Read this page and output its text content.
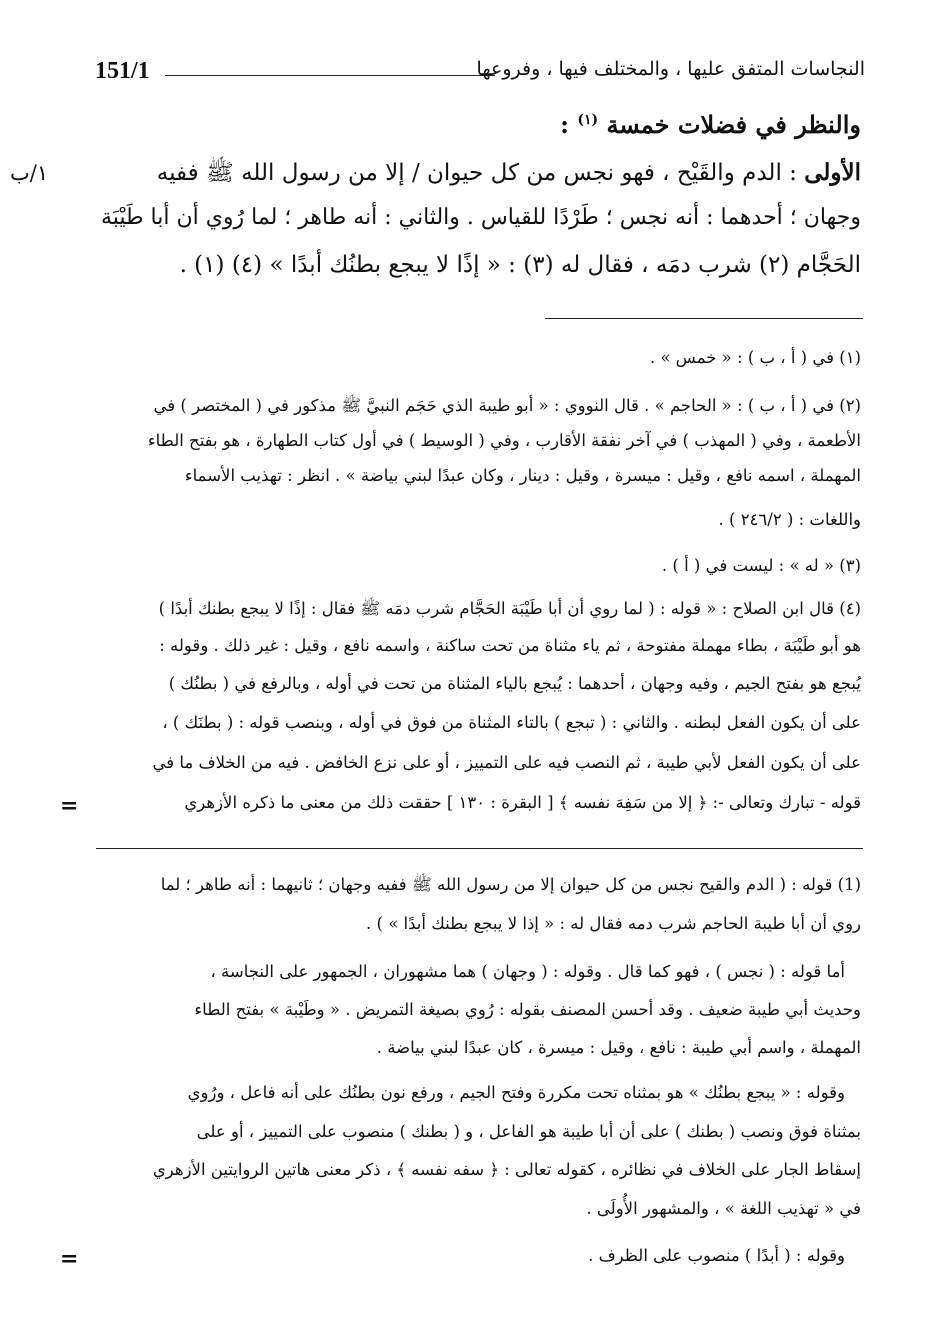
151/1	النجاسات المتفق عليها ، والمختلف فيها ، وفروعها
والنظر في فضلات خمسة $^{(١)}$ :
الأولى : الدم والقَيْح ، فهو نجس من كل حيوان / إلا من رسول الله ﷺ ففيه
١/ب
وجهان ؛ أحدهما : أنه نجس ؛ طَرْدًا للقياس . والثاني : أنه طاهر ؛ لما رُوي أن أبا طَيْبَة
الحَجَّام (٢) شرب دمَه ، فقال له (٣) : « إذًا لا يبجع بطنُك أبدًا » (٤) (١) .
(١) في ( أ ، ب ) : « خمس » .
(٢) في ( أ ، ب ) : « الحاجم » . قال النووي : « أبو طيبة الذي حَجَم النبيَّ ﷺ مذكور في ( المختصر ) في
الأطعمة ، وفي ( المهذب ) في آخر نفقة الأقارب ، وفي ( الوسيط ) في أول كتاب الطهارة ، هو بفتح الطاء
المهملة ، اسمه نافع ، وقيل : ميسرة ، وقيل : دينار ، وكان عبدًا لبني بياضة » . انظر : تهذيب الأسماء
واللغات : ( ٢٤٦/٢ ) .
(٣) « له » : ليست في ( أ ) .
(٤) قال ابن الصلاح : « قوله : ( لما روي أن أبا طَيْبَة الحَجَّام شرب دمَه ﷺ فقال : إذًا لا يبجع بطنك أبدًا )
هو أبو طَيْبَة ، بطاء مهملة مفتوحة ، ثم ياء مثناة من تحت ساكنة ، واسمه نافع ، وقيل : غير ذلك . وقوله :
يُبجع هو بفتح الجيم ، وفيه وجهان ، أحدهما : يُبجع بالياء المثناة من تحت في أوله ، وبالرفع في ( بطنُك )
على أن يكون الفعل لبطنه . والثاني : ( تبجع ) بالتاء المثناة من فوق في أوله ، وبنصب قوله : ( بطنَك ) ،
على أن يكون الفعل لأبي طيبة ، ثم النصب فيه على التمييز ، أو على نزع الخافض . فيه من الخلاف ما في
قوله - تبارك وتعالى -: ﴿ إلا من سَفِهَ نفسه ﴾ [ البقرة : ١٣٠ ] حققت ذلك من معنى ما ذكره الأزهري
=
(1) قوله : ( الدم والقيح نجس من كل حيوان إلا من رسول الله ﷺ ففيه وجهان ؛ ثانيهما : أنه طاهر ؛ لما
روي أن أبا طيبة الحاجم شرب دمه فقال له : « إذا لا يبجع بطنك أبدًا » ) .
أما قوله : ( نجس ) ، فهو كما قال . وقوله : ( وجهان ) هما مشهوران ، الجمهور على النجاسة ،
وحديث أبي طيبة ضعيف . وقد أحسن المصنف بقوله : رُوي بصيغة التمريض . « وطَيْبة » بفتح الطاء
المهملة ، واسم أبي طيبة : نافع ، وقيل : ميسرة ، كان عبدًا لبني بياضة .
وقوله : « يبجع بطنُك » هو بمثناه تحت مكررة وفتح الجيم ، ورفع نون بطنُك على أنه فاعل ، ورُوي
بمثناة فوق ونصب ( بطنك ) على أن أبا طيبة هو الفاعل ، و ( بطنك ) منصوب على التمييز ، أو على
إسقاط الجار على الخلاف في نظائره ، كقوله تعالى : ﴿ سفه نفسه ﴾ ، ذكر معنى هاتين الروايتين الأزهري
في « تهذيب اللغة » ، والمشهور الأُولَى .
وقوله : ( أبدًا ) منصوب على الظرف .
=
